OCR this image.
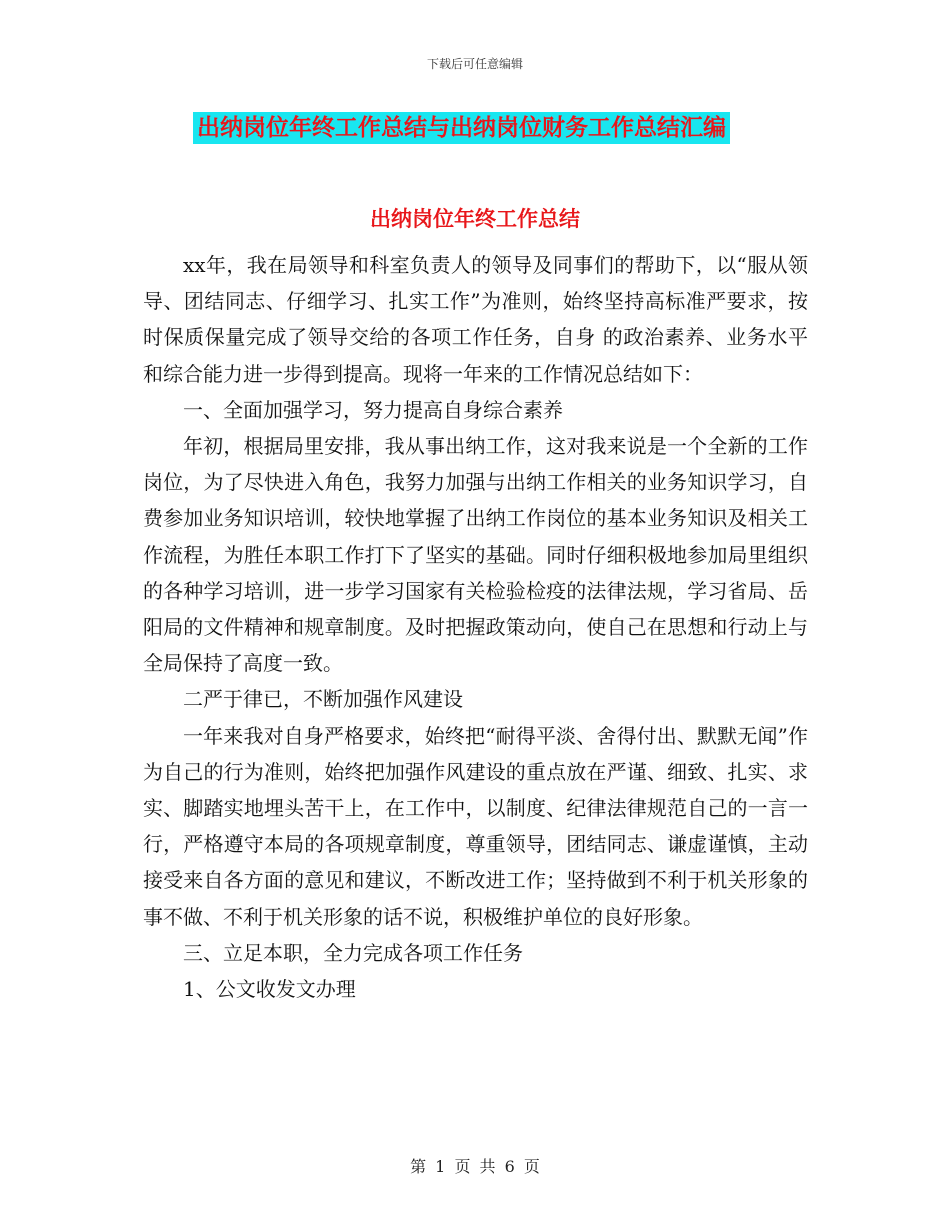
下载后可任意编辑
出纳岗位年终工作总结与出纳岗位财务工作总结汇编
出纳岗位年终工作总结

xx年，我在局领导和科室负责人的领导及同事们的帮助下，以“服从领导、团结同志、仔细学习、扎实工作”为准则，始终坚持高标准严要求，按时保质保量完成了领导交给的各项工作任务，自身 的政治素养、业务水平和综合能力进一步得到提高。现将一年来的工作情况总结如下：

一、全面加强学习，努力提高自身综合素养

年初，根据局里安排，我从事出纳工作，这对我来说是一个全新的工作岗位，为了尽快进入角色，我努力加强与出纳工作相关的业务知识学习，自费参加业务知识培训，较快地掌握了出纳工作岗位的基本业务知识及相关工作流程，为胜任本职工作打下了坚实的基础。同时仔细积极地参加局里组织的各种学习培训，进一步学习国家有关检验检疫的法律法规，学习省局、岳阳局的文件精神和规章制度。及时把握政策动向，使自己在思想和行动上与全局保持了高度一致。

二严于律已，不断加强作风建设

一年来我对自身严格要求，始终把“耐得平淡、舍得付出、默默无闻”作为自己的行为准则，始终把加强作风建设的重点放在严谨、细致、扎实、求实、脚踏实地埋头苦干上，在工作中，以制度、纪律法律规范自己的一言一行，严格遵守本局的各项规章制度，尊重领导，团结同志、谦虚谨慎，主动接受来自各方面的意见和建议，不断改进工作；坚持做到不利于机关形象的事不做、不利于机关形象的话不说，积极维护单位的良好形象。

三、立足本职，全力完成各项工作任务

1、公文收发文办理

第 1 页 共 6 页
